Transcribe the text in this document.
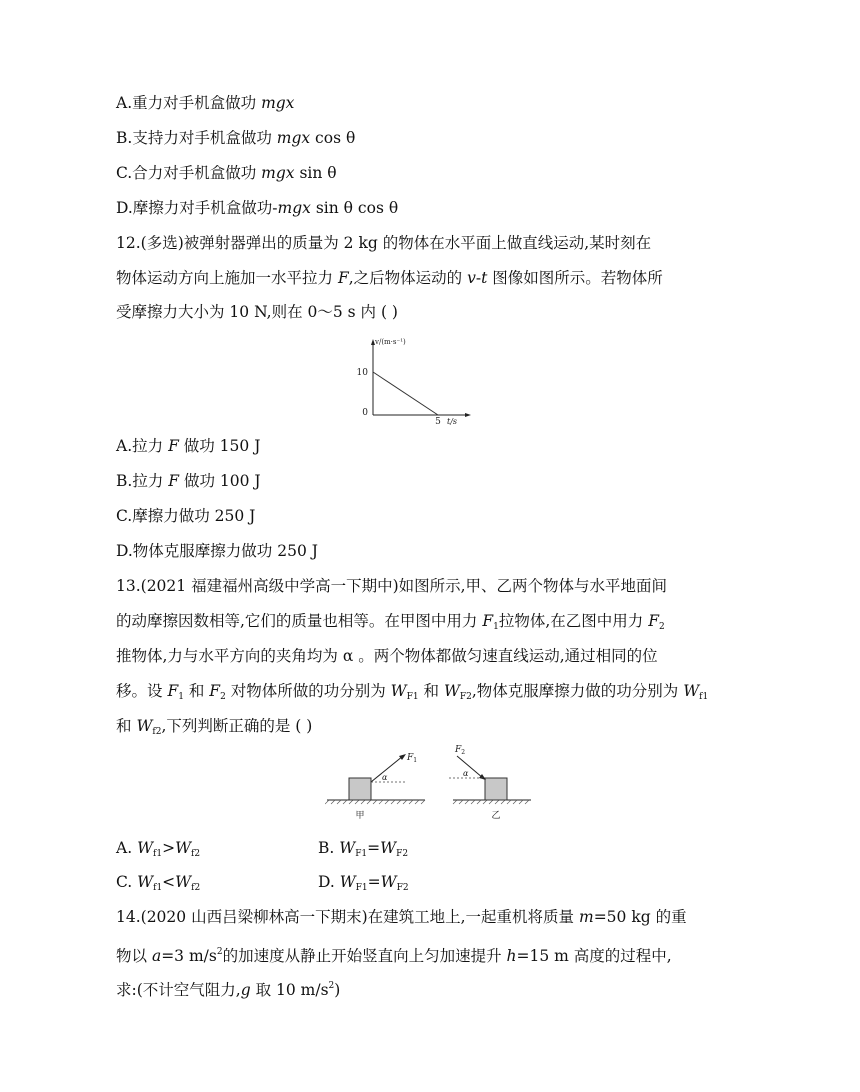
A.重力对手机盒做功 mgx
B.支持力对手机盒做功 mgx cos θ
C.合力对手机盒做功 mgx sin θ
D.摩擦力对手机盒做功-mgx sin θ cos θ
12.(多选)被弹射器弹出的质量为 2 kg 的物体在水平面上做直线运动,某时刻在
物体运动方向上施加一水平拉力 F,之后物体运动的 v-t 图像如图所示。若物体所
受摩擦力大小为 10 N,则在 0～5 s 内 ( )
v/(m·s⁻¹)
t/s
10
0
5
A.拉力 F 做功 150 J
B.拉力 F 做功 100 J
C.摩擦力做功 250 J
D.物体克服摩擦力做功 250 J
13.(2021 福建福州高级中学高一下期中)如图所示,甲、乙两个物体与水平地面间
的动摩擦因数相等,它们的质量也相等。在甲图中用力 $F_1$拉物体,在乙图中用力 $F_2$
推物体,力与水平方向的夹角均为 α 。两个物体都做匀速直线运动,通过相同的位
移。设 $F_1$ 和 $F_2$ 对物体所做的功分别为 $W_{F1}$ 和 $W_{F2}$,物体克服摩擦力做的功分别为 $W_{f1}$
和 $W_{f2}$,下列判断正确的是 ( )
$F_1$
α
甲
$F_2$
α
乙
A. $W_{f1}>W_{f2}$	B. $W_{F1}=W_{F2}$
C. $W_{f1}<W_{f2}$	D. $W_{F1}=W_{F2}$
14.(2020 山西吕梁柳林高一下期末)在建筑工地上,一起重机将质量 m=50 kg 的重
物以 a=3 $m/s^2$的加速度从静止开始竖直向上匀加速提升 h=15 m 高度的过程中,
求:(不计空气阻力,g 取 10 $m/s^2$)
